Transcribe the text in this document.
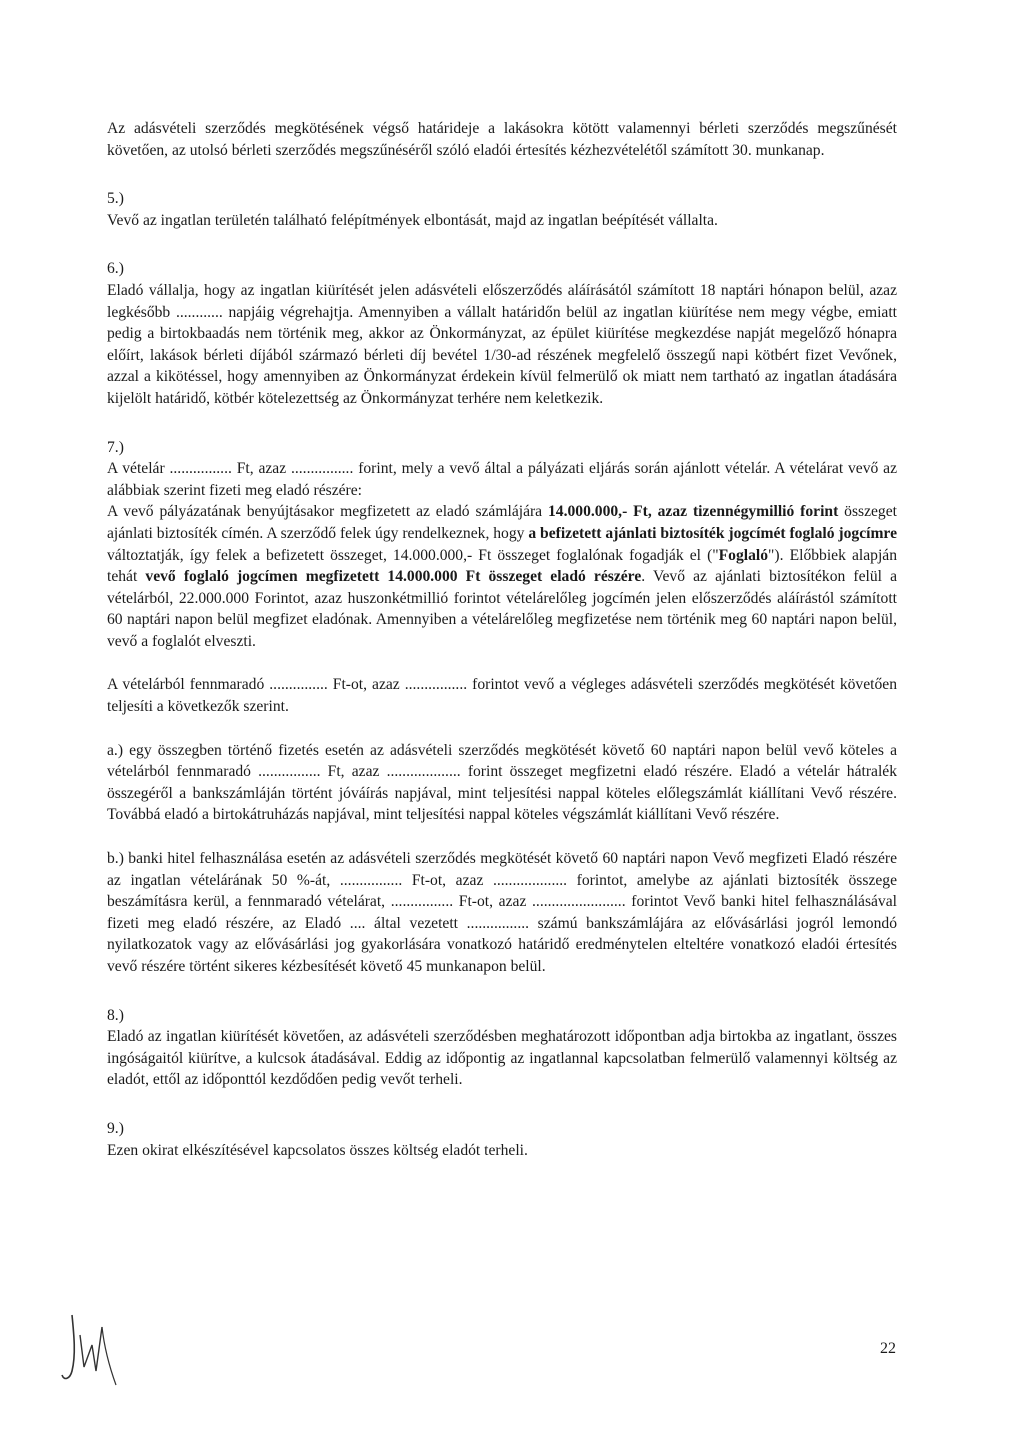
Az adásvételi szerződés megkötésének végső határideje a lakásokra kötött valamennyi bérleti szerződés megszűnését követően, az utolsó bérleti szerződés megszűnéséről szóló eladói értesítés kézhezvételétől számított 30. munkanap.

5.)

Vevő az ingatlan területén található felépítmények elbontását, majd az ingatlan beépítését vállalta.

6.)

Eladó vállalja, hogy az ingatlan kiürítését jelen adásvételi előszerződés aláírásától számított 18 naptári hónapon belül, azaz legkésőbb ............ napjáig végrehajtja. Amennyiben a vállalt határidőn belül az ingatlan kiürítése nem megy végbe, emiatt pedig a birtokbaadás nem történik meg, akkor az Önkormányzat, az épület kiürítése megkezdése napját megelőző hónapra előírt, lakások bérleti díjából származó bérleti díj bevétel 1/30-ad részének megfelelő összegű napi kötbért fizet Vevőnek, azzal a kikötéssel, hogy amennyiben az Önkormányzat érdekein kívül felmerülő ok miatt nem tartható az ingatlan átadására kijelölt határidő, kötbér kötelezettség az Önkormányzat terhére nem keletkezik.

7.)

A vételár ................ Ft, azaz ................ forint, mely a vevő által a pályázati eljárás során ajánlott vételár. A vételárat vevő az alábbiak szerint fizeti meg eladó részére:

A vevő pályázatának benyújtásakor megfizetett az eladó számlájára 14.000.000,- Ft, azaz tizennégymillió forint összeget ajánlati biztosíték címén. A szerződő felek úgy rendelkeznek, hogy a befizetett ajánlati biztosíték jogcímét foglaló jogcímre változtatják, így felek a befizetett összeget, 14.000.000,- Ft összeget foglalónak fogadják el ("Foglaló"). Előbbiek alapján tehát vevő foglaló jogcímen megfizetett 14.000.000 Ft összeget eladó részére. Vevő az ajánlati biztosítékon felül a vételárból, 22.000.000 Forintot, azaz huszonkétmillió forintot vételárelőleg jogcímén jelen előszerződés aláírástól számított 60 naptári napon belül megfizet eladónak. Amennyiben a vételárelőleg megfizetése nem történik meg 60 naptári napon belül, vevő a foglalót elveszti.

A vételárból fennmaradó ............... Ft-ot, azaz ................ forintot vevő a végleges adásvételi szerződés megkötését követően teljesíti a következők szerint.

a.) egy összegben történő fizetés esetén az adásvételi szerződés megkötését követő 60 naptári napon belül vevő köteles a vételárból fennmaradó ................ Ft, azaz ................... forint összeget megfizetni eladó részére. Eladó a vételár hátralék összegéről a bankszámláján történt jóváírás napjával, mint teljesítési nappal köteles előlegszámlát kiállítani Vevő részére. Továbbá eladó a birtokátruházás napjával, mint teljesítési nappal köteles végszámlát kiállítani Vevő részére.

b.) banki hitel felhasználása esetén az adásvételi szerződés megkötését követő 60 naptári napon Vevő megfizeti Eladó részére az ingatlan vételárának 50 %-át, ................ Ft-ot, azaz ................... forintot, amelybe az ajánlati biztosíték összege beszámításra kerül, a fennmaradó vételárat, ................ Ft-ot, azaz ........................ forintot Vevő banki hitel felhasználásával fizeti meg eladó részére, az Eladó .... által vezetett ................ számú bankszámlájára az elővásárlási jogról lemondó nyilatkozatok vagy az elővásárlási jog gyakorlására vonatkozó határidő eredménytelen elteltére vonatkozó eladói értesítés vevő részére történt sikeres kézbesítését követő 45 munkanapon belül.

8.)

Eladó az ingatlan kiürítését követően, az adásvételi szerződésben meghatározott időpontban adja birtokba az ingatlant, összes ingóságaitól kiürítve, a kulcsok átadásával. Eddig az időpontig az ingatlannal kapcsolatban felmerülő valamennyi költség az eladót, ettől az időponttól kezdődően pedig vevőt terheli.

9.)

Ezen okirat elkészítésével kapcsolatos összes költség eladót terheli.

22
